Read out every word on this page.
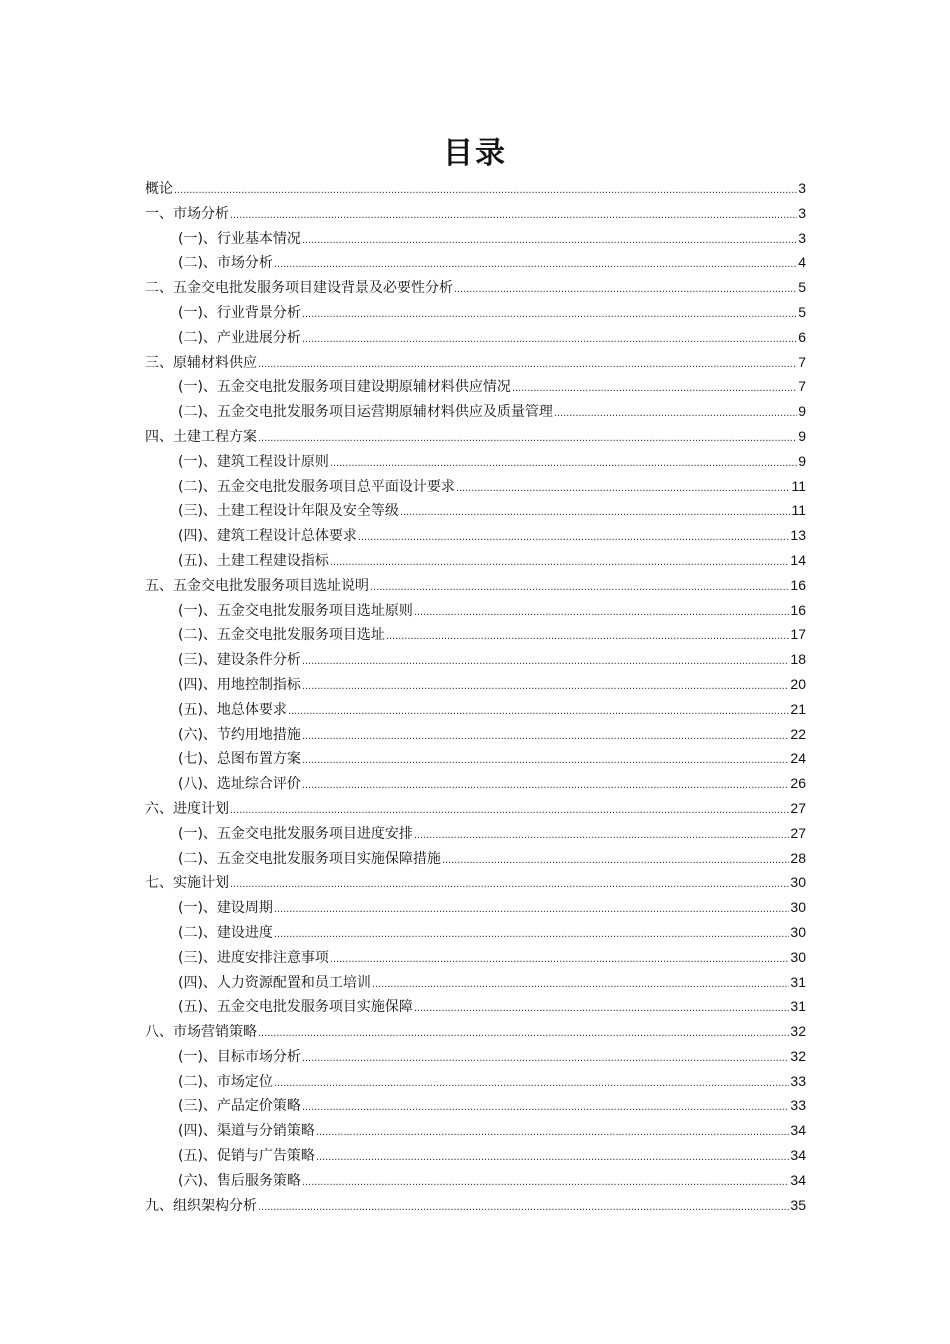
目录
概论 .....	3
一、市场分析 .....	3
(一)、行业基本情况 .....	3
(二)、市场分析 .....	4
二、五金交电批发服务项目建设背景及必要性分析 .....	5
(一)、行业背景分析 .....	5
(二)、产业进展分析 .....	6
三、原辅材料供应 .....	7
(一)、五金交电批发服务项目建设期原辅材料供应情况 .....	7
(二)、五金交电批发服务项目运营期原辅材料供应及质量管理 .....	9
四、土建工程方案 .....	9
(一)、建筑工程设计原则 .....	9
(二)、五金交电批发服务项目总平面设计要求 .....	11
(三)、土建工程设计年限及安全等级 .....	11
(四)、建筑工程设计总体要求 .....	13
(五)、土建工程建设指标 .....	14
五、五金交电批发服务项目选址说明 .....	16
(一)、五金交电批发服务项目选址原则 .....	16
(二)、五金交电批发服务项目选址 .....	17
(三)、建设条件分析 .....	18
(四)、用地控制指标 .....	20
(五)、地总体要求 .....	21
(六)、节约用地措施 .....	22
(七)、总图布置方案 .....	24
(八)、选址综合评价 .....	26
六、进度计划 .....	27
(一)、五金交电批发服务项目进度安排 .....	27
(二)、五金交电批发服务项目实施保障措施 .....	28
七、实施计划 .....	30
(一)、建设周期 .....	30
(二)、建设进度 .....	30
(三)、进度安排注意事项 .....	30
(四)、人力资源配置和员工培训 .....	31
(五)、五金交电批发服务项目实施保障 .....	31
八、市场营销策略 .....	32
(一)、目标市场分析 .....	32
(二)、市场定位 .....	33
(三)、产品定价策略 .....	33
(四)、渠道与分销策略 .....	34
(五)、促销与广告策略 .....	34
(六)、售后服务策略 .....	34
九、组织架构分析 .....	35
